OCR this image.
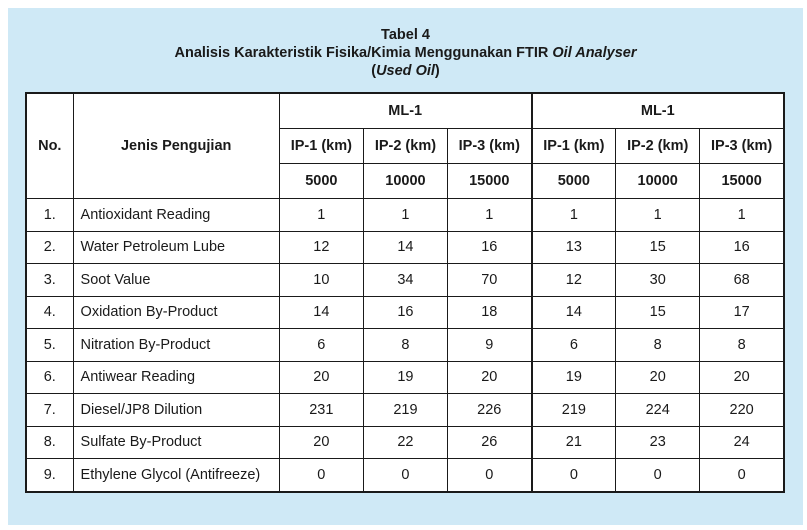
Tabel 4
Analisis Karakteristik Fisika/Kimia Menggunakan FTIR Oil Analyser
(Used Oil)
No.	Jenis Pengujian	ML-1			ML-1		
		IP-1 (km)	IP-2 (km)	IP-3 (km)	IP-1 (km)	IP-2 (km)	IP-3 (km)
		5000	10000	15000	5000	10000	15000
1.	Antioxidant Reading	1	1	1	1	1	1
2.	Water Petroleum Lube	12	14	16	13	15	16
3.	Soot Value	10	34	70	12	30	68
4.	Oxidation By-Product	14	16	18	14	15	17
5.	Nitration By-Product	6	8	9	6	8	8
6.	Antiwear Reading	20	19	20	19	20	20
7.	Diesel/JP8 Dilution	231	219	226	219	224	220
8.	Sulfate By-Product	20	22	26	21	23	24
9.	Ethylene Glycol (Antifreeze)	0	0	0	0	0	0
